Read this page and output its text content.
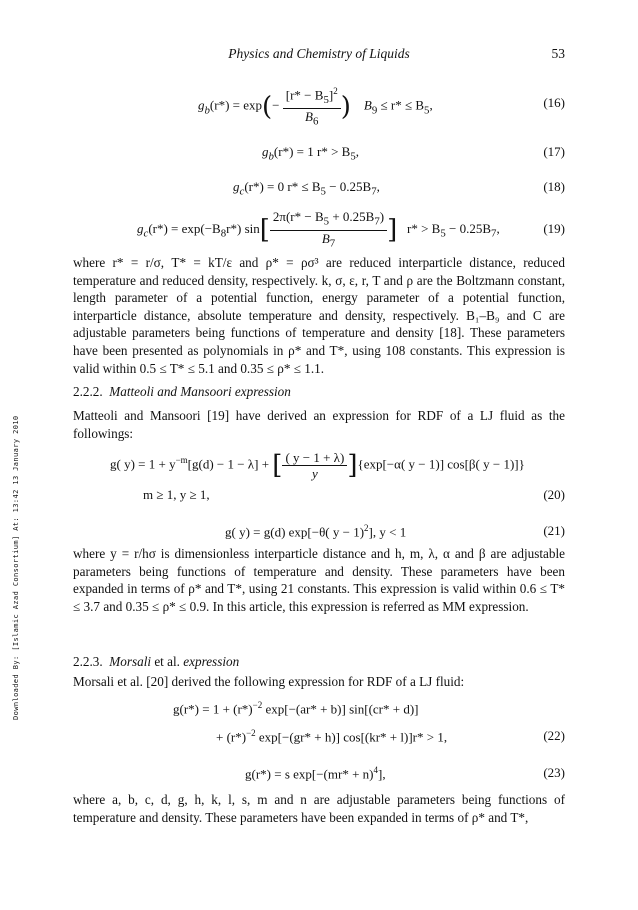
Physics and Chemistry of Liquids	53
Downloaded By: [Islamic Azad Consortium] At: 13:42 13 January 2010
$g_b(r*) = \exp(- \frac{[r* - B_5]^2}{B_6}$ ) $B_9 \le r* \le B_5$,	(16)
$g_b(r*) = 1$ $r* > B_5$,	(17)
$g_c(r*) = 0$ $r* \le B_5 - 0.25B_7$,	(18)
$g_c(r*) = \exp(-B_8r*)$ $\sin[ \frac{2\pi(r* - B_5 + 0.25B_7)}{B_7}$ ] $r* > B_5 - 0.25B_7$,	(19)
where r* = r/σ, T* = kT/ε and ρ* = ρσ³ are reduced interparticle distance, reduced temperature and reduced density, respectively. k, σ, ε, r, T and ρ are the Boltzmann constant, length parameter of a potential function, energy parameter of a potential function, interparticle distance, absolute temperature and density, respectively. B₁–B₉ and C are adjustable parameters being functions of temperature and density [18]. These parameters have been presented as polynomials in ρ* and T*, using 108 constants. This expression is valid within 0.5 ≤ T* ≤ 5.1 and 0.35 ≤ ρ* ≤ 1.1.
2.2.2. Matteoli and Mansoori expression
Matteoli and Mansoori [19] have derived an expression for RDF of a LJ fluid as the followings:
g( $y) = 1 + y^{-m}[g(d) - 1 - \lambda]$ + [ $\frac{( y - 1 + \lambda)}{y} ]\{\exp[-\alpha$( y − 1)] cos[β( y − 1)]}
m ≥ 1, y ≥ 1,	(20)
g( y) = g(d) exp[−θ( y − 1)$^2$], y < 1	(21)
where y = r/hσ is dimensionless interparticle distance and h, m, λ, α and β are adjustable parameters being functions of temperature and density. These parameters have been expanded in terms of ρ* and T*, using 21 constants. This expression is valid within 0.6 ≤ T* ≤ 3.7 and 0.35 ≤ ρ* ≤ 0.9. In this article, this expression is referred as MM expression.
2.2.3. Morsali et al. expression
Morsali et al. [20] derived the following expression for RDF of a LJ fluid:
$g(r*) = 1 + (r*)^{-2}$ exp[−(ar* + b)] sin[(cr* + d)]
+ $(r*)^{-2}$ exp[−(gr* + h)] cos[(kr* + l)]r* > 1,	(22)
g(r*) = s $\exp[-(mr* + n)^4]$,	(23)
where a, b, c, d, g, h, k, l, s, m and n are adjustable parameters being functions of temperature and density. These parameters have been expanded in terms of ρ* and T*,
